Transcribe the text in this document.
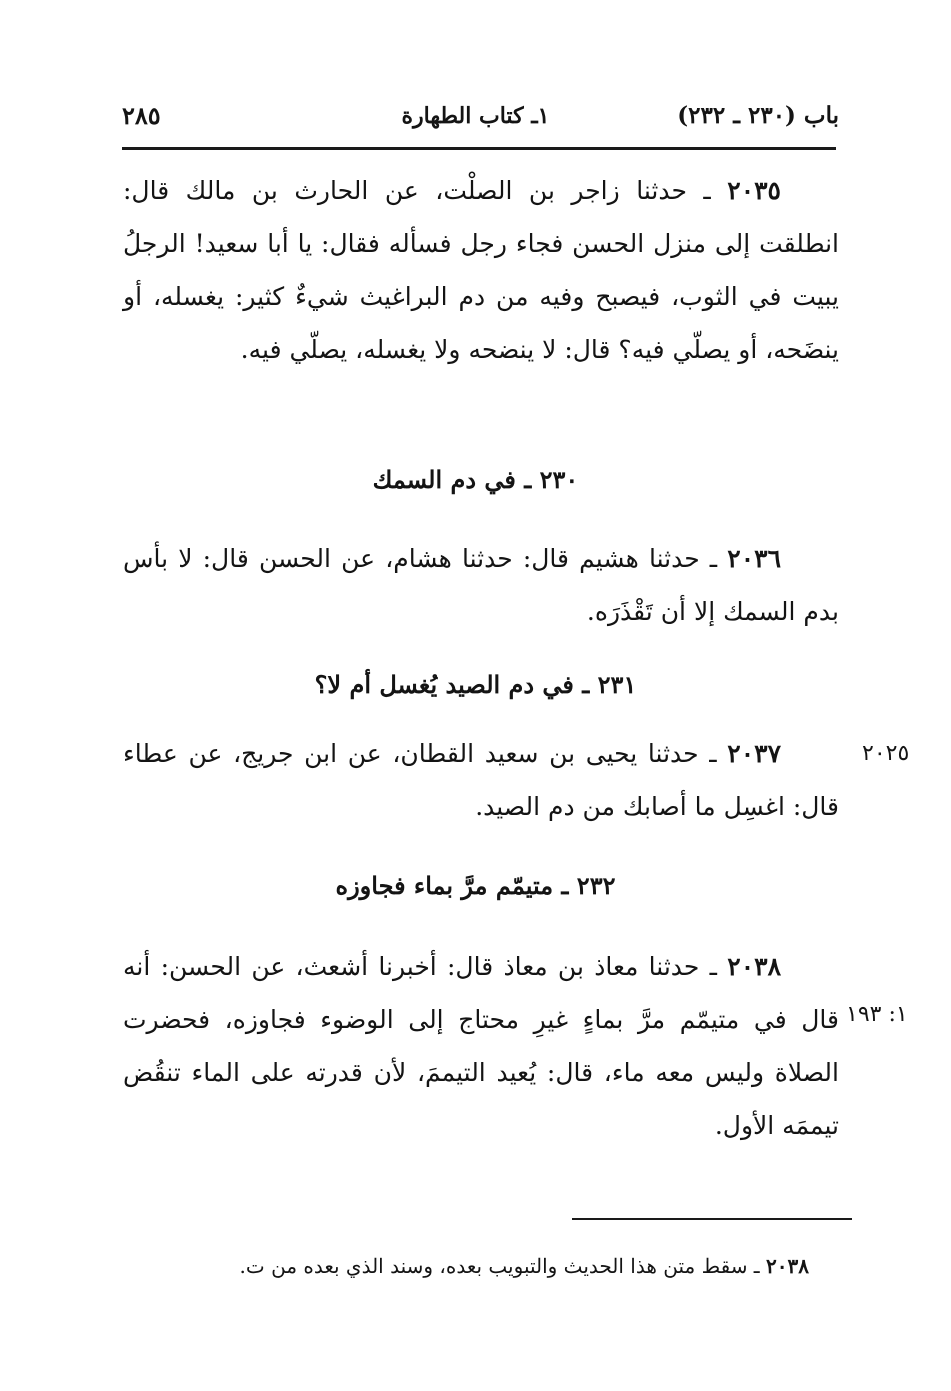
باب (٢٣٠ ـ ٢٣٢)
١ـ كتاب الطهارة
٢٨٥
٢٠٣٥ ـ حدثنا زاجر بن الصلْت، عن الحارث بن مالك قال: انطلقت إلى منزل الحسن فجاء رجل فسأله فقال: يا أبا سعيد! الرجلُ يبيت في الثوب، فيصبح وفيه من دم البراغيث شيءٌ كثير: يغسله، أو ينضَحه، أو يصلّي فيه؟ قال: لا ينضحه ولا يغسله، يصلّي فيه.
٢٣٠ ـ في دم السمك
٢٠٣٦ ـ حدثنا هشيم قال: حدثنا هشام، عن الحسن قال: لا بأس بدم السمك إلا أن تَقْذَرَه.
٢٣١ ـ في دم الصيد يُغسل أم لا؟
٢٠٢٥
٢٠٣٧ ـ حدثنا يحيى بن سعيد القطان، عن ابن جريج، عن عطاء قال: اغسِل ما أصابك من دم الصيد.
٢٣٢ ـ متيمّم مرَّ بماء فجاوزه
١: ١٩٣
٢٠٣٨ ـ حدثنا معاذ بن معاذ قال: أخبرنا أشعث، عن الحسن: أنه قال في متيمّم مرَّ بماءٍ غيرِ محتاج إلى الوضوء فجاوزه، فحضرت الصلاة وليس معه ماء، قال: يُعيد التيممَ، لأن قدرته على الماء تنقُض تيممَه الأول.
٢٠٣٨ ـ سقط متن هذا الحديث والتبويب بعده، وسند الذي بعده من ت.
